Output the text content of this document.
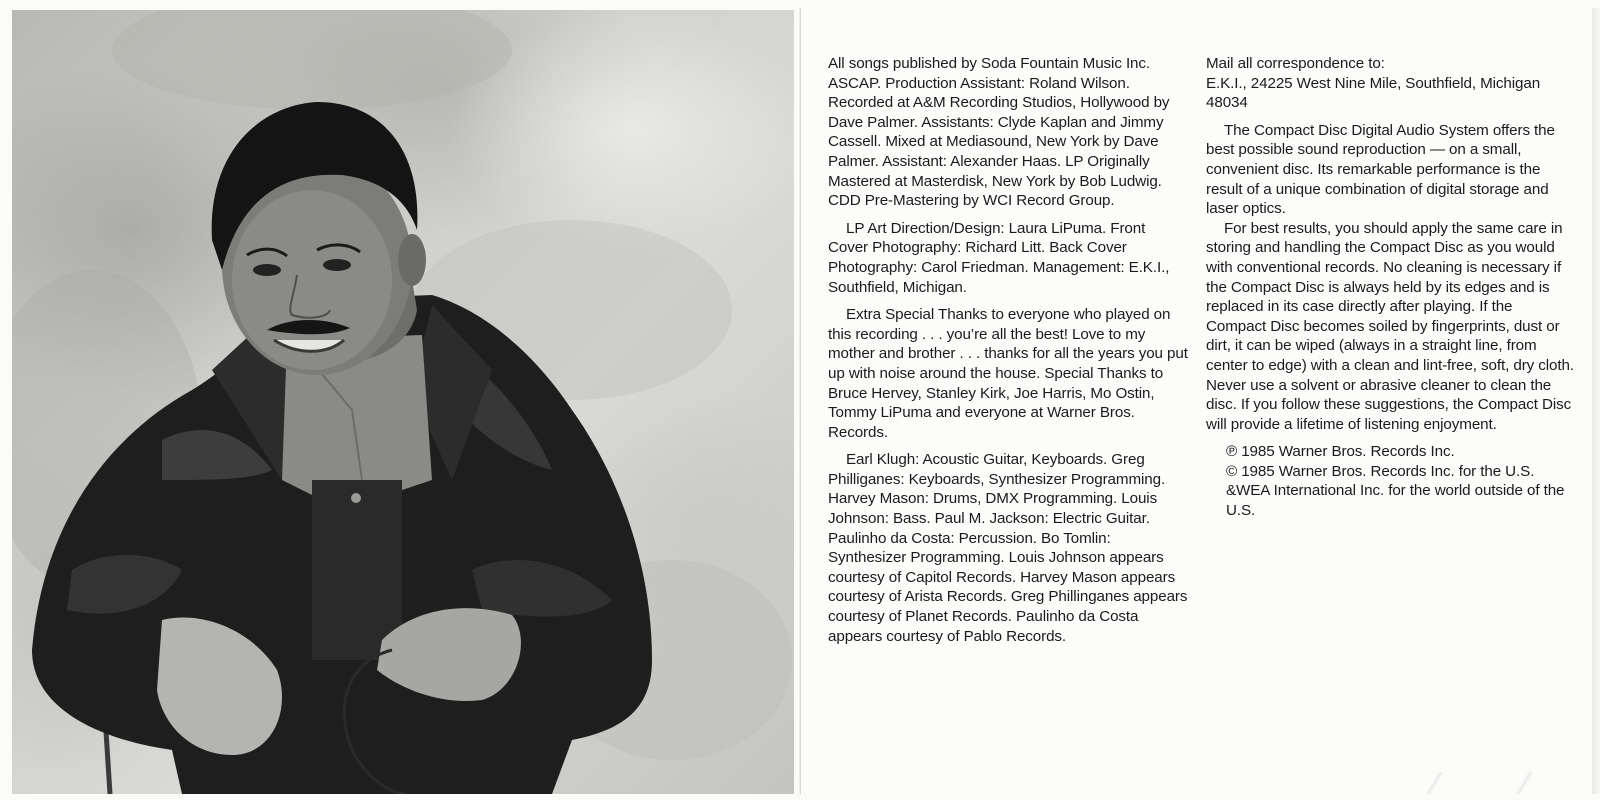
All songs published by Soda Fountain Music Inc. ASCAP. Production Assistant: Roland Wilson. Recorded at A&M Recording Studios, Hollywood by Dave Palmer. Assistants: Clyde Kaplan and Jimmy Cassell. Mixed at Mediasound, New York by Dave Palmer. Assistant: Alexander Haas. LP Originally Mastered at Masterdisk, New York by Bob Ludwig. CDD Pre-Mastering by WCI Record Group.

LP Art Direction/Design: Laura LiPuma. Front Cover Photography: Richard Litt. Back Cover Photography: Carol Friedman. Management: E.K.I., Southfield, Michigan.

Extra Special Thanks to everyone who played on this recording . . . you’re all the best! Love to my mother and brother . . . thanks for all the years you put up with noise around the house. Special Thanks to Bruce Hervey, Stanley Kirk, Joe Harris, Mo Ostin, Tommy LiPuma and everyone at Warner Bros. Records.

Earl Klugh: Acoustic Guitar, Keyboards. Greg Philliganes: Keyboards, Synthesizer Programming. Harvey Mason: Drums, DMX Programming. Louis Johnson: Bass. Paul M. Jackson: Electric Guitar. Paulinho da Costa: Percussion. Bo Tomlin: Synthesizer Programming. Louis Johnson appears courtesy of Capitol Records. Harvey Mason appears courtesy of Arista Records. Greg Phillinganes appears courtesy of Planet Records. Paulinho da Costa appears courtesy of Pablo Records.

Mail all correspondence to:

E.K.I., 24225 West Nine Mile, Southfield, Michigan 48034

The Compact Disc Digital Audio System offers the best possible sound reproduction — on a small, convenient disc. Its remarkable performance is the result of a unique combination of digital storage and laser optics.

For best results, you should apply the same care in storing and handling the Compact Disc as you would with conventional records. No cleaning is necessary if the Compact Disc is always held by its edges and is replaced in its case directly after playing. If the Compact Disc becomes soiled by fingerprints, dust or dirt, it can be wiped (always in a straight line, from center to edge) with a clean and lint-free, soft, dry cloth. Never use a solvent or abrasive cleaner to clean the disc. If you follow these suggestions, the Compact Disc will provide a lifetime of listening enjoyment.

℗ 1985 Warner Bros. Records Inc.
© 1985 Warner Bros. Records Inc. for the U.S. &WEA International Inc. for the world outside of the U.S.
